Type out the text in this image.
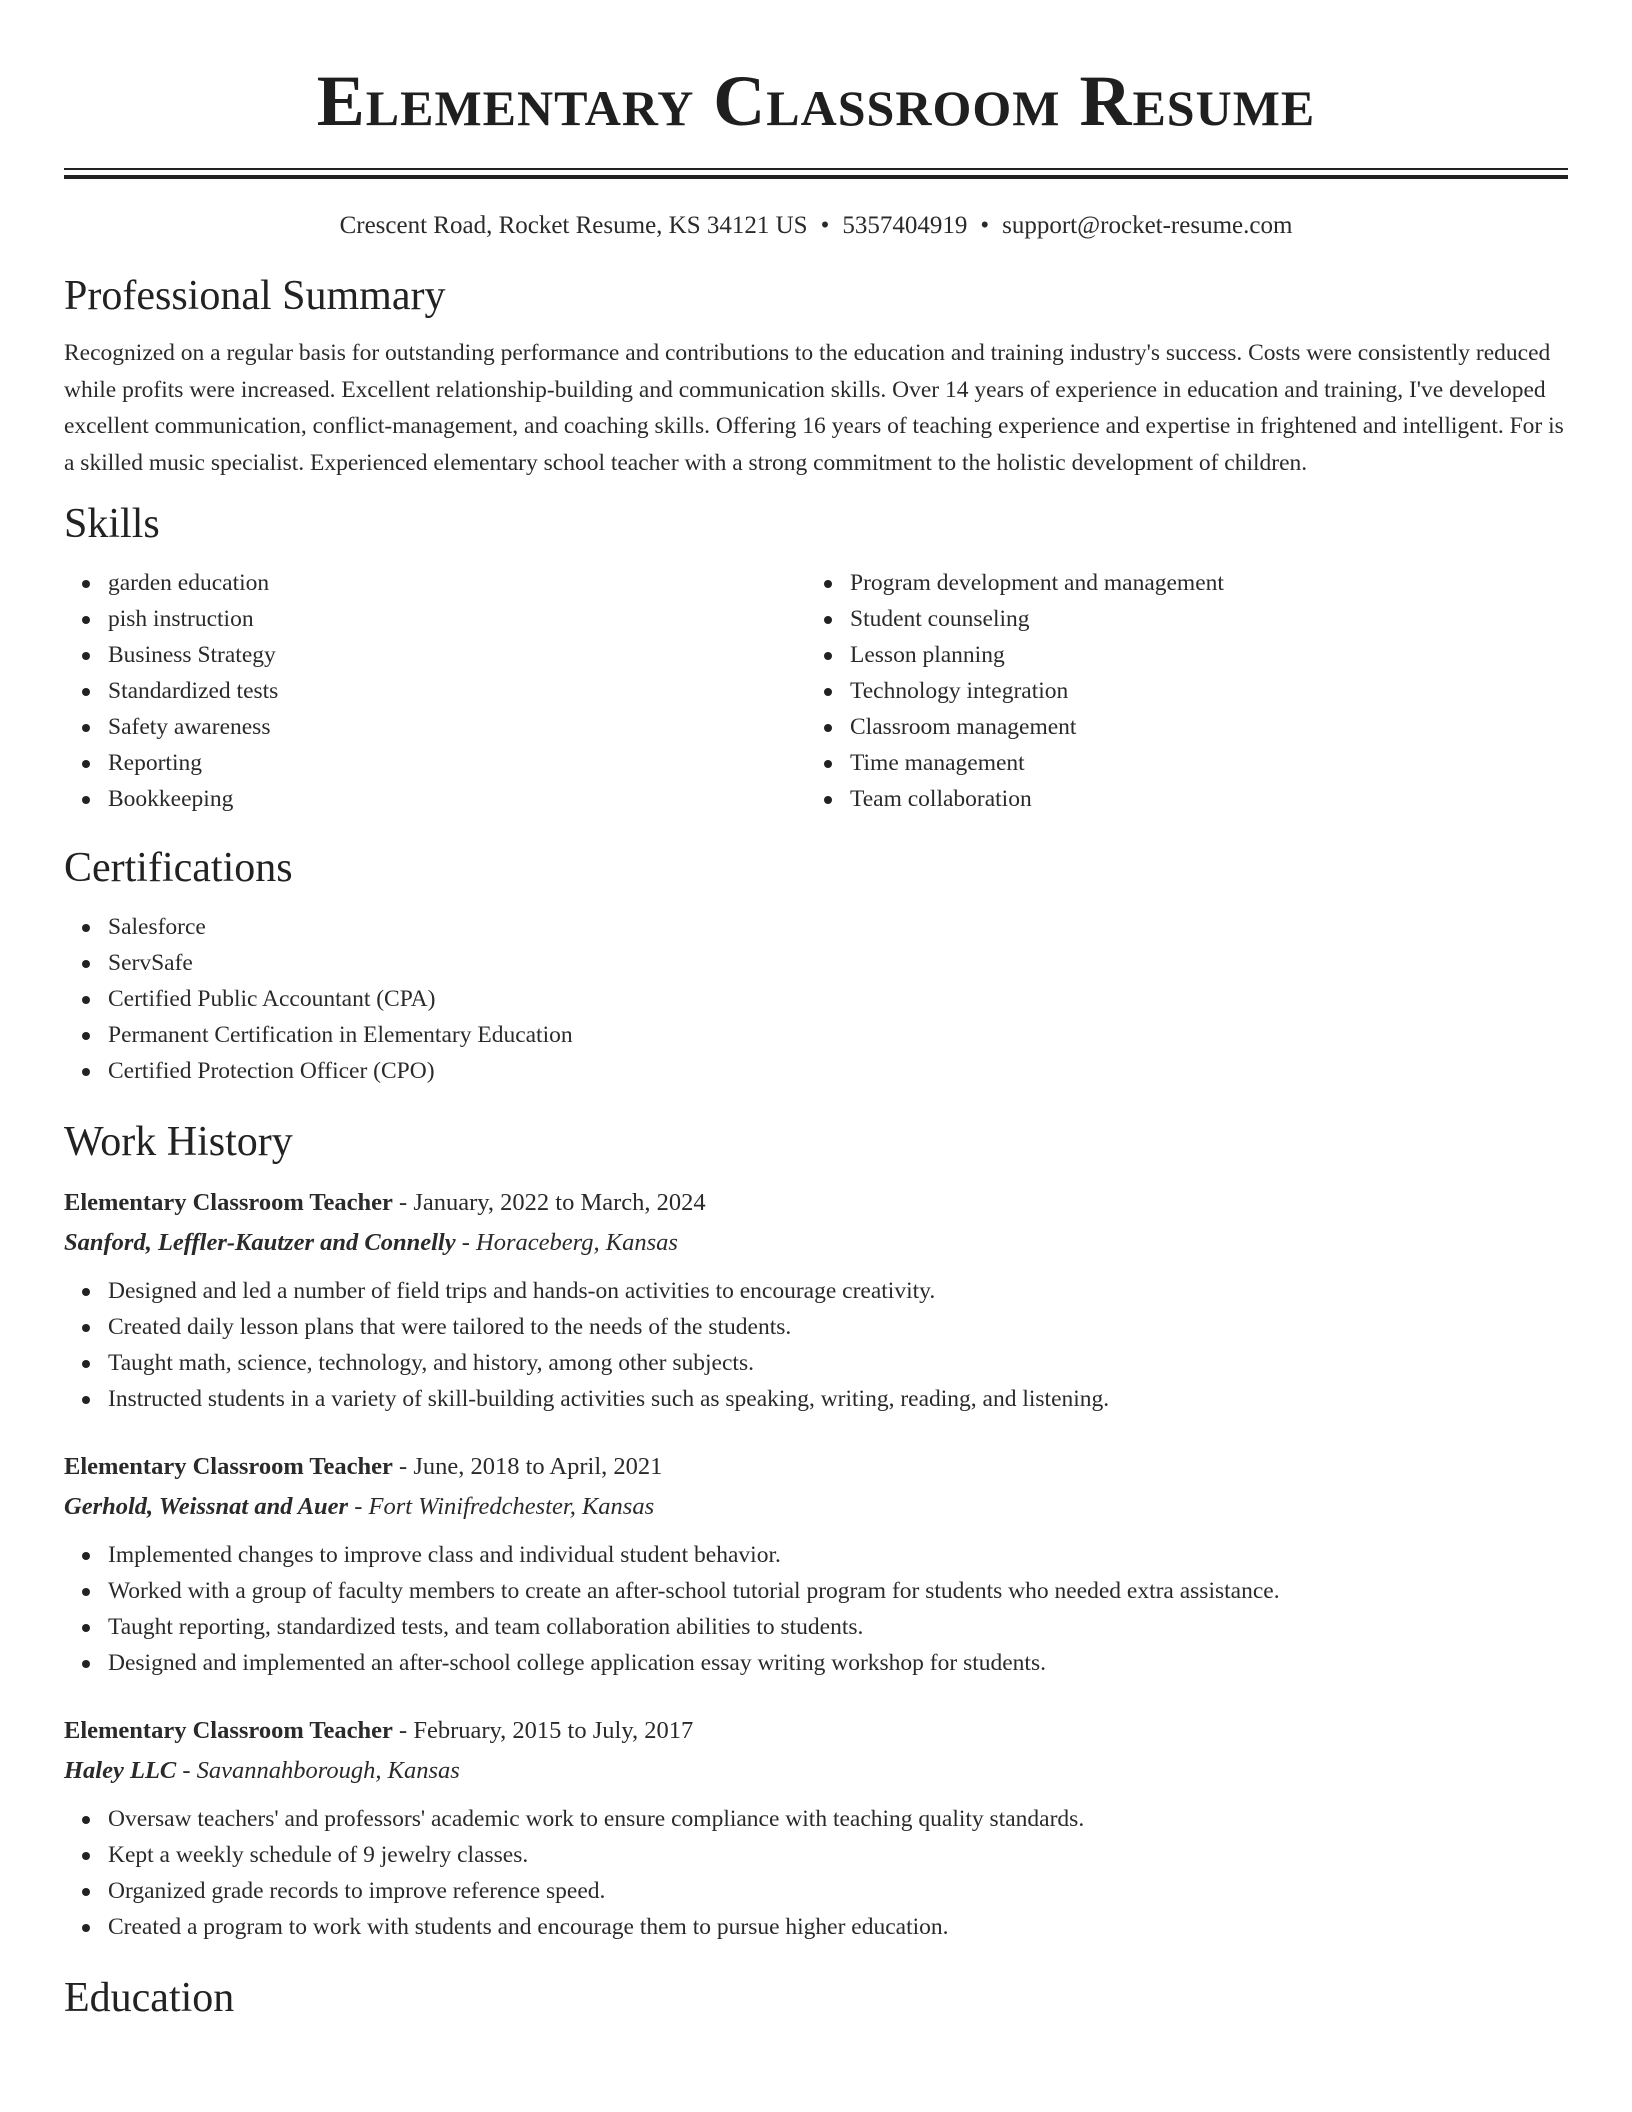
Elementary Classroom Resume
Crescent Road, Rocket Resume, KS 34121 US • 5357404919 • support@rocket-resume.com
Professional Summary

Recognized on a regular basis for outstanding performance and contributions to the education and training industry's success. Costs were consistently reduced while profits were increased. Excellent relationship-building and communication skills. Over 14 years of experience in education and training, I've developed excellent communication, conflict-management, and coaching skills. Offering 16 years of teaching experience and expertise in frightened and intelligent. For is a skilled music specialist. Experienced elementary school teacher with a strong commitment to the holistic development of children.

Skills
garden education
pish instruction
Business Strategy
Standardized tests
Safety awareness
Reporting
Bookkeeping
Program development and management
Student counseling
Lesson planning
Technology integration
Classroom management
Time management
Team collaboration
Certifications
Salesforce
ServSafe
Certified Public Accountant (CPA)
Permanent Certification in Elementary Education
Certified Protection Officer (CPO)
Work History
Elementary Classroom Teacher - January, 2022 to March, 2024
Sanford, Leffler-Kautzer and Connelly - Horaceberg, Kansas
Designed and led a number of field trips and hands-on activities to encourage creativity.
Created daily lesson plans that were tailored to the needs of the students.
Taught math, science, technology, and history, among other subjects.
Instructed students in a variety of skill-building activities such as speaking, writing, reading, and listening.
Elementary Classroom Teacher - June, 2018 to April, 2021
Gerhold, Weissnat and Auer - Fort Winifredchester, Kansas
Implemented changes to improve class and individual student behavior.
Worked with a group of faculty members to create an after-school tutorial program for students who needed extra assistance.
Taught reporting, standardized tests, and team collaboration abilities to students.
Designed and implemented an after-school college application essay writing workshop for students.
Elementary Classroom Teacher - February, 2015 to July, 2017
Haley LLC - Savannahborough, Kansas
Oversaw teachers' and professors' academic work to ensure compliance with teaching quality standards.
Kept a weekly schedule of 9 jewelry classes.
Organized grade records to improve reference speed.
Created a program to work with students and encourage them to pursue higher education.
Education
